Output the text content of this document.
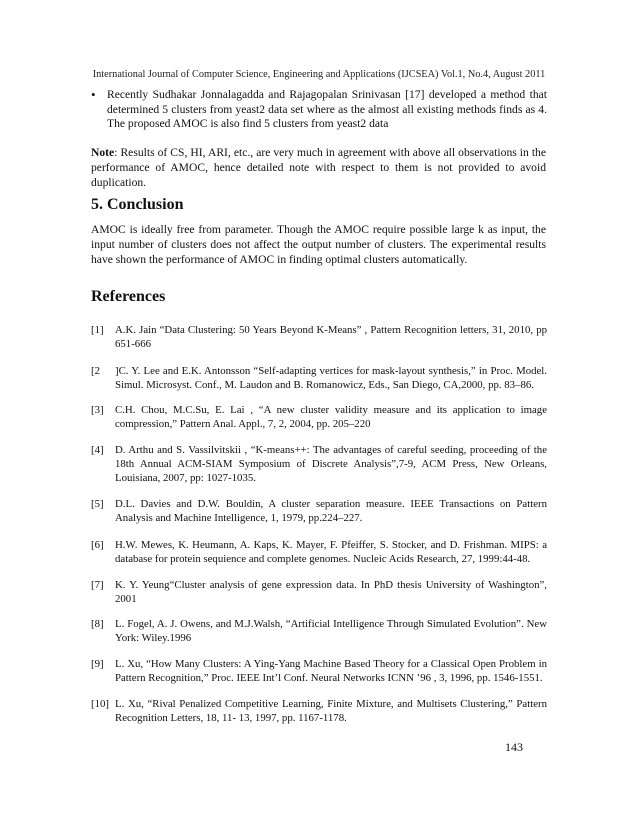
International Journal of Computer Science, Engineering and Applications (IJCSEA) Vol.1, No.4, August 2011
• Recently Sudhakar Jonnalagadda and Rajagopalan Srinivasan [17] developed a method that determined 5 clusters from yeast2 data set where as the almost all existing methods finds as 4. The proposed AMOC is also find 5 clusters from yeast2 data
Note: Results of CS, HI, ARI, etc., are very much in agreement with above all observations in the performance of AMOC, hence detailed note with respect to them is not provided to avoid duplication.
5. Conclusion
AMOC is ideally free from parameter. Though the AMOC require possible large k as input, the input number of clusters does not affect the output number of clusters. The experimental results have shown the performance of AMOC in finding optimal clusters automatically.
References
[1] A.K. Jain “Data Clustering: 50 Years Beyond K-Means” , Pattern Recognition letters, 31, 2010, pp 651-666
[2 ]C. Y. Lee and E.K. Antonsson “Self-adapting vertices for mask-layout synthesis,” in Proc. Model. Simul. Microsyst. Conf., M. Laudon and B. Romanowicz, Eds., San Diego, CA,2000, pp. 83–86.
[3] C.H. Chou, M.C.Su, E. Lai , “A new cluster validity measure and its application to image compression,” Pattern Anal. Appl., 7, 2, 2004, pp. 205–220
[4] D. Arthu and S. Vassilvitskii , “K-means++: The advantages of careful seeding, proceeding of the 18th Annual ACM-SIAM Symposium of Discrete Analysis”,7-9, ACM Press, New Orleans, Louisiana, 2007, pp: 1027-1035.
[5] D.L. Davies and D.W. Bouldin, A cluster separation measure. IEEE Transactions on Pattern Analysis and Machine Intelligence, 1, 1979, pp.224–227.
[6] H.W. Mewes, K. Heumann, A. Kaps, K. Mayer, F. Pfeiffer, S. Stocker, and D. Frishman. MIPS: a database for protein sequience and complete genomes. Nucleic Acids Research, 27, 1999:44-48.
[7] K. Y. Yeung“Cluster analysis of gene expression data. In PhD thesis University of Washington”, 2001
[8] L. Fogel, A. J. Owens, and M.J.Walsh, “Artificial Intelligence Through Simulated Evolution”. New York: Wiley.1996
[9] L. Xu, “How Many Clusters: A Ying-Yang Machine Based Theory for a Classical Open Problem in Pattern Recognition,” Proc. IEEE Int’l Conf. Neural Networks ICNN ’96 , 3, 1996, pp. 1546-1551.
[10] L. Xu, “Rival Penalized Competitive Learning, Finite Mixture, and Multisets Clustering,” Pattern Recognition Letters, 18, 11- 13, 1997, pp. 1167-1178.
143
